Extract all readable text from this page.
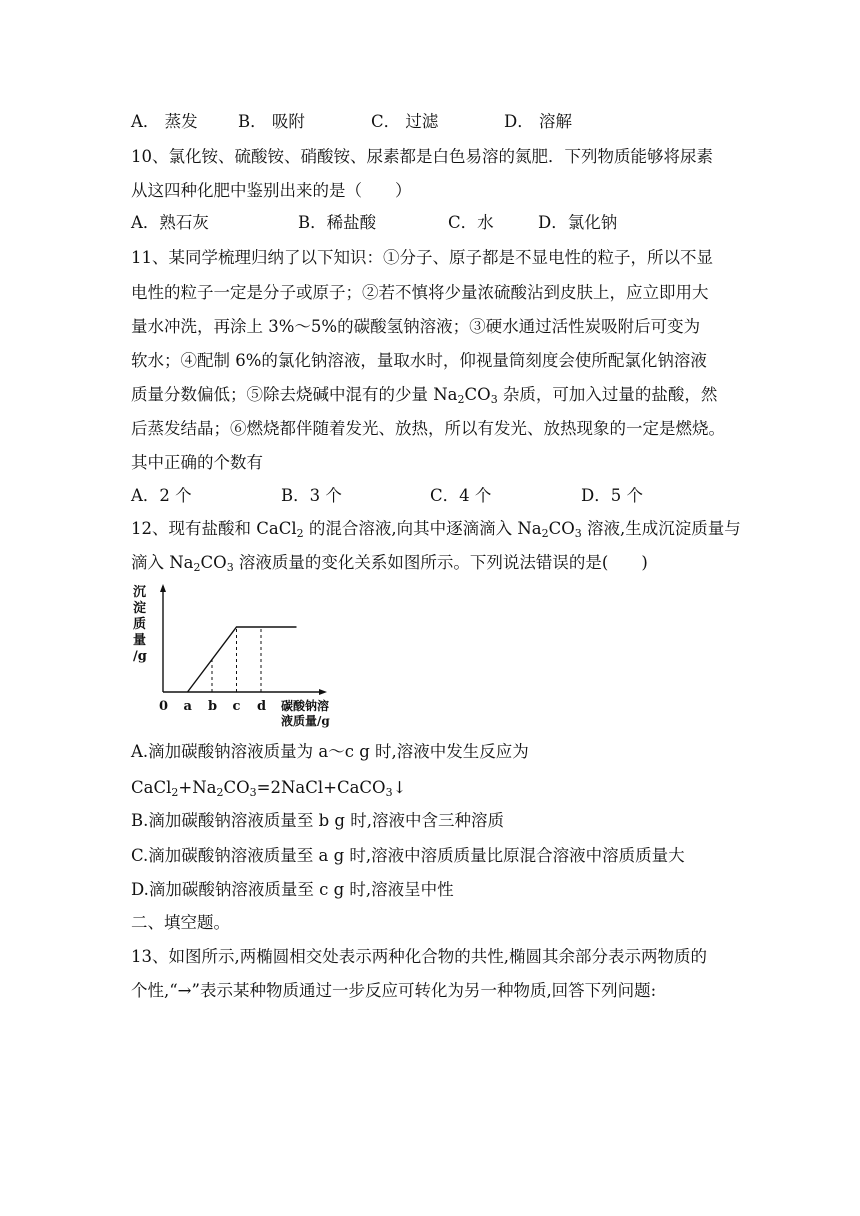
A． 蒸发 B． 吸附	C． 过滤	D． 溶解
10、氯化铵、硫酸铵、硝酸铵、尿素都是白色易溶的氮肥．下列物质能够将尿素
从这四种化肥中鉴别出来的是（　　）
A．熟石灰	B．稀盐酸	C．水	D．氯化钠
11、某同学梳理归纳了以下知识：①分子、原子都是不显电性的粒子，所以不显
电性的粒子一定是分子或原子；②若不慎将少量浓硫酸沾到皮肤上，应立即用大
量水冲洗，再涂上 3%～5%的碳酸氢钠溶液；③硬水通过活性炭吸附后可变为
软水；④配制 6%的氯化钠溶液，量取水时，仰视量筒刻度会使所配氯化钠溶液
质量分数偏低；⑤除去烧碱中混有的少量 $Na_2CO_3$ 杂质，可加入过量的盐酸，然
后蒸发结晶；⑥燃烧都伴随着发光、放热，所以有发光、放热现象的一定是燃烧。
其中正确的个数有
A．2 个	B．3 个	C．4 个	D．5 个
12、现有盐酸和 CaCl$_2$ 的混合溶液,向其中逐滴滴入 $Na_2CO_3$ 溶液,生成沉淀质量与
滴入 $Na_2CO_3$ 溶液质量的变化关系如图所示。下列说法错误的是(　　)
沉
淀
质
量
/g
0 a b c d 碳酸钠溶
液质量/g
A.滴加碳酸钠溶液质量为 a～c g 时,溶液中发生反应为
$CaCl_2+Na_2CO_3=2NaCl+CaCO_3↓$
B.滴加碳酸钠溶液质量至 b g 时,溶液中含三种溶质
C.滴加碳酸钠溶液质量至 a g 时,溶液中溶质质量比原混合溶液中溶质质量大
D.滴加碳酸钠溶液质量至 c g 时,溶液呈中性
二、填空题。
13、如图所示,两椭圆相交处表示两种化合物的共性,椭圆其余部分表示两物质的
个性,“→”表示某种物质通过一步反应可转化为另一种物质,回答下列问题:
